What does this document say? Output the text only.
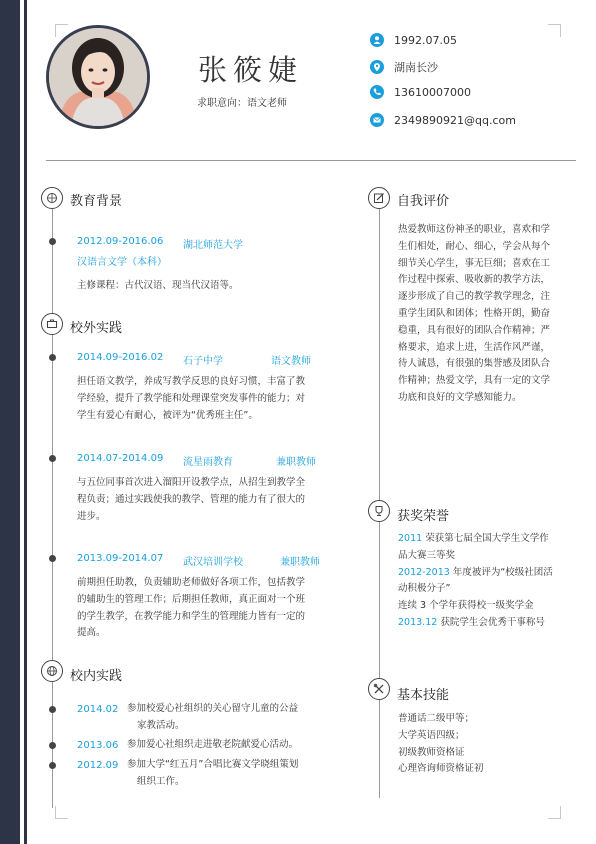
张筱婕
求职意向：语文老师
1992.07.05
湖南长沙
13610007000
2349890921@qq.com
教育背景
2012.09-2016.06 湖北师范大学
汉语言文学（本科）
主修课程：古代汉语、现当代汉语等。
校外实践
2014.09-2016.02 石子中学	语文教师
担任语文教学，养成写教学反思的良好习惯，丰富了教
学经验，提升了教学能和处理课堂突发事件的能力；对
学生有爱心有耐心，被评为“优秀班主任”。
2014.07-2014.09 流星雨教育	兼职教师
与五位同事首次进入溜阳开设教学点，从招生到教学全
程负责；通过实践使我的教学、管理的能力有了很大的
进步。
2013.09-2014.07 武汉培训学校	兼职教师
前期担任助教，负责辅助老师做好各项工作，包括教学
的辅助生的管理工作；后期担任教师，真正面对一个班
的学生教学，在教学能力和学生的管理能力皆有一定的
提高。
校内实践
2014.02 参加校爱心社组织的关心留守儿童的公益
家教活动。
2013.06 参加爱心社组织走进敬老院献爱心活动。
2012.09 参加大学“红五月”合唱比赛文学晓组策划
组织工作。
自我评价
热爱教师这份神圣的职业，喜欢和学
生们相处，耐心、细心，学会从每个
细节关心学生，事无巨细；喜欢在工
作过程中探索、吸收新的教学方法，
逐步形成了自己的教学教学理念，注
重学生团队和团体；性格开朗，勤奋
稳重，具有很好的团队合作精神；严
格要求，追求上进，生活作风严谨，
待人诚恳，有很强的集誉感及团队合
作精神；热爱文学，具有一定的文学
功底和良好的文学感知能力。
获奖荣誉
2011 荣获第七届全国大学生文学作
品大赛三等奖
2012-2013 年度被评为“校级社团活
动积极分子”
连续 3 个学年获得校一级奖学金
2013.12 获院学生会优秀干事称号
基本技能
普通话二级甲等；
大学英语四级；
初级教师资格证
心理咨询师资格证初
